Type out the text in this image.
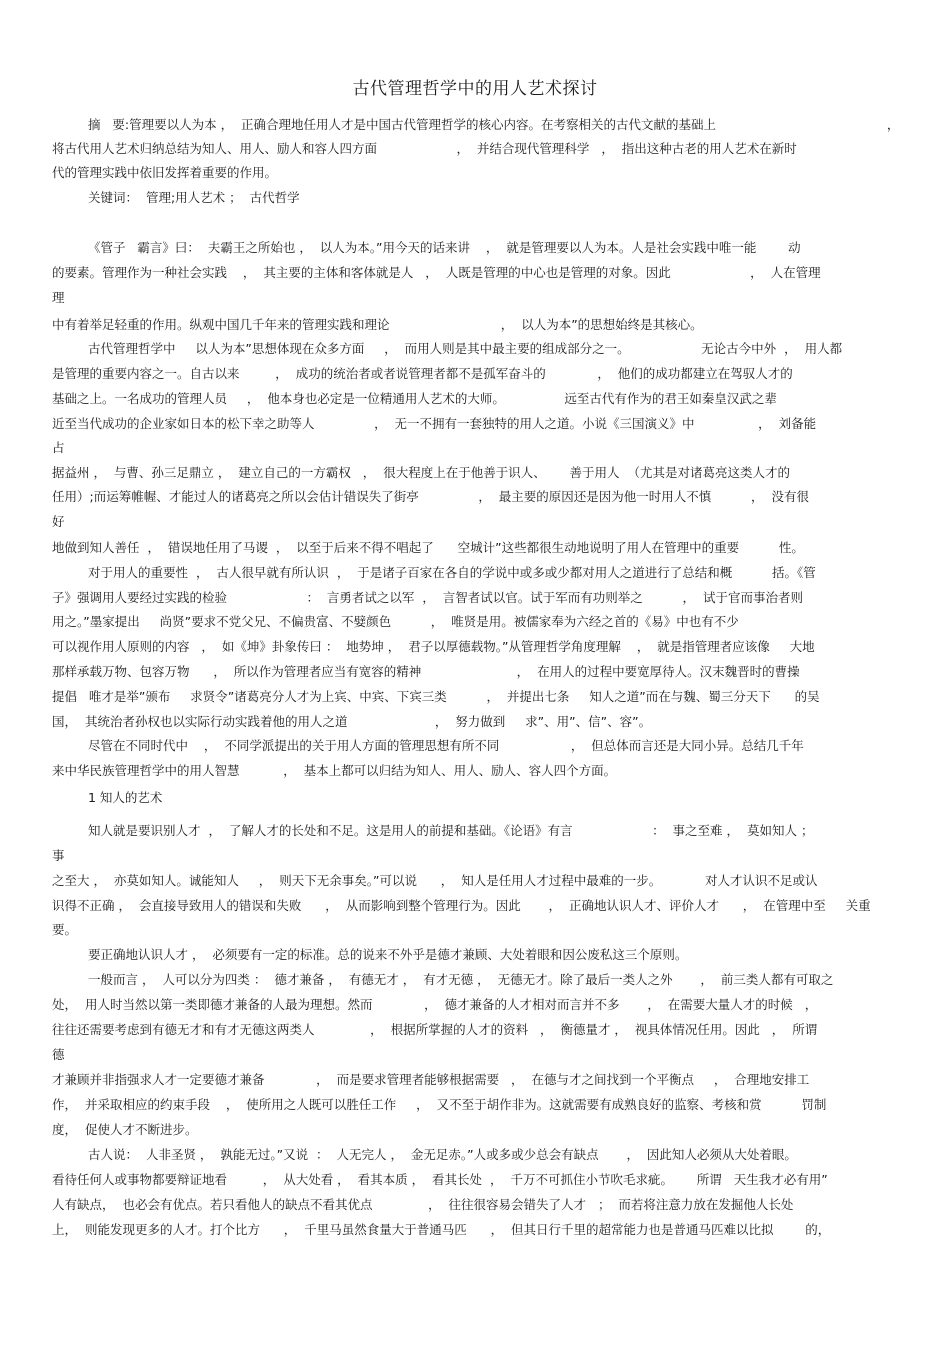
古代管理哲学中的用人艺术探讨
摘   要:管理要以人为本 ，  正确合理地任用人才是中国古代管理哲学的核心内容。在考察相关的古代文献的基础上                                           ，
将古代用人艺术归纳总结为知人、用人、励人和容人四方面                    ，  并结合现代管理科学   ，  指出这种古老的用人艺术在新时
代的管理实践中依旧发挥着重要的作用。
关键词：  管理;用人艺术 ；  古代哲学
《管子   霸言》曰：  夫霸王之所始也 ，  以人为本。”用今天的话来讲    ，  就是管理要以人为本。人是社会实践中唯一能        动
的要素。管理作为一种社会实践    ，  其主要的主体和客体就是人   ，  人既是管理的中心也是管理的对象。因此                    ，  人在管理
理
中有着举足轻重的作用。纵观中国几千年来的管理实践和理论                            ，  以人为本”的思想始终是其核心。
古代管理哲学中     以人为本”思想体现在众多方面     ，  而用人则是其中最主要的组成部分之一。                  无论古今中外  ，  用人都
是管理的重要内容之一。自古以来         ，  成功的统治者或者说管理者都不是孤军奋斗的             ，  他们的成功都建立在驾驭人才的
基础之上。一名成功的管理人员     ，  他本身也必定是一位精通用人艺术的大师。               远至古代有作为的君王如秦皇汉武之辈
近至当代成功的企业家如日本的松下幸之助等人               ，  无一不拥有一套独特的用人之道。小说《三国演义》中                ，  刘备能
占
据益州 ，  与曹、孙三足鼎立 ，  建立自己的一方霸权   ，  很大程度上在于他善于识人、      善于用人  （尤其是对诸葛亮这类人才的
任用）;而运筹帷幄、才能过人的诸葛亮之所以会估计错误失了街亭               ，  最主要的原因还是因为他一时用人不慎          ，  没有很
好
地做到知人善任  ，  错误地任用了马谡  ，  以至于后来不得不唱起了      空城计”这些都很生动地说明了用人在管理中的重要          性。
对于用人的重要性  ，  古人很早就有所认识  ，  于是诸子百家在各自的学说中或多或少都对用人之道进行了总结和概          括。《管
子》强调用人要经过实践的检验                    ：  言勇者试之以军  ，  言智者试以官。试于军而有功则举之          ，  试于官而事治者则
用之。”墨家提出     尚贤”要求不党父兄、不偏贵富、不嬖颜色          ，  唯贤是用。被儒家奉为六经之首的《易》中也有不少
可以视作用人原则的内容   ，  如《坤》卦象传曰 ：  地势坤 ，  君子以厚德载物。”从管理哲学角度理解    ，  就是指管理者应该像     大地
那样承载万物、包容万物      ，  所以作为管理者应当有宽容的精神                        ，  在用人的过程中要宽厚待人。汉末魏晋时的曹操
提倡   唯才是举”颁布     求贤令”诸葛亮分人才为上宾、中宾、下宾三类          ，  并提出七条     知人之道”而在与魏、蜀三分天下      的吴
国，  其统治者孙权也以实际行动实践着他的用人之道                      ，  努力做到     求”、用”、信”、容”。
尽管在不同时代中    ，  不同学派提出的关于用人方面的管理思想有所不同                  ，  但总体而言还是大同小异。总结几千年
来中华民族管理哲学中的用人智慧           ，  基本上都可以归结为知人、用人、励人、容人四个方面。
1 知人的艺术
知人就是要识别人才  ，  了解人才的长处和不足。这是用人的前提和基础。《论语》有言                    ：  事之至难 ，  莫如知人 ；
事
之至大 ，  亦莫如知人。诚能知人     ，  则天下无余事矣。”可以说      ，  知人是任用人才过程中最难的一步。           对人才认识不足或认
识得不正确 ，  会直接导致用人的错误和失败      ，  从而影响到整个管理行为。因此       ，  正确地认识人才、评价人才      ，  在管理中至     关重
要。
要正确地认识人才 ，  必须要有一定的标准。总的说来不外乎是德才兼顾、大处着眼和因公废私这三个原则。
一般而言 ，  人可以分为四类 ：  德才兼备 ，  有德无才 ，  有才无德 ，  无德无才。除了最后一类人之外       ，  前三类人都有可取之
处，  用人时当然以第一类即德才兼备的人最为理想。然而             ，  德才兼备的人才相对而言并不多       ，  在需要大量人才的时候   ，
往往还需要考虑到有德无才和有才无德这两类人              ，  根据所掌握的人才的资料   ，  衡德量才 ，  视具体情况任用。因此   ，  所谓
德
才兼顾并非指强求人才一定要德才兼备             ，  而是要求管理者能够根据需要   ，  在德与才之间找到一个平衡点     ，  合理地安排工
作，  并采取相应的约束手段    ，  使所用之人既可以胜任工作     ，  又不至于胡作非为。这就需要有成熟良好的监察、考核和赏          罚制
度，  促使人才不断进步。
古人说：  人非圣贤 ，  孰能无过。”又说  ：  人无完人 ，  金无足赤。”人或多或少总会有缺点       ，  因此知人必须从大处着眼。
看待任何人或事物都要辩证地看         ，  从大处看 ，  看其本质 ，  看其长处  ，  千万不可抓住小节吹毛求疵。      所谓   天生我才必有用”
人有缺点，  也必会有优点。若只看他人的缺点不看其优点              ，  往往很容易会错失了人才   ；  而若将注意力放在发掘他人长处
上，  则能发现更多的人才。打个比方      ，  千里马虽然食量大于普通马匹      ，  但其日行千里的超常能力也是普通马匹难以比拟        的，
